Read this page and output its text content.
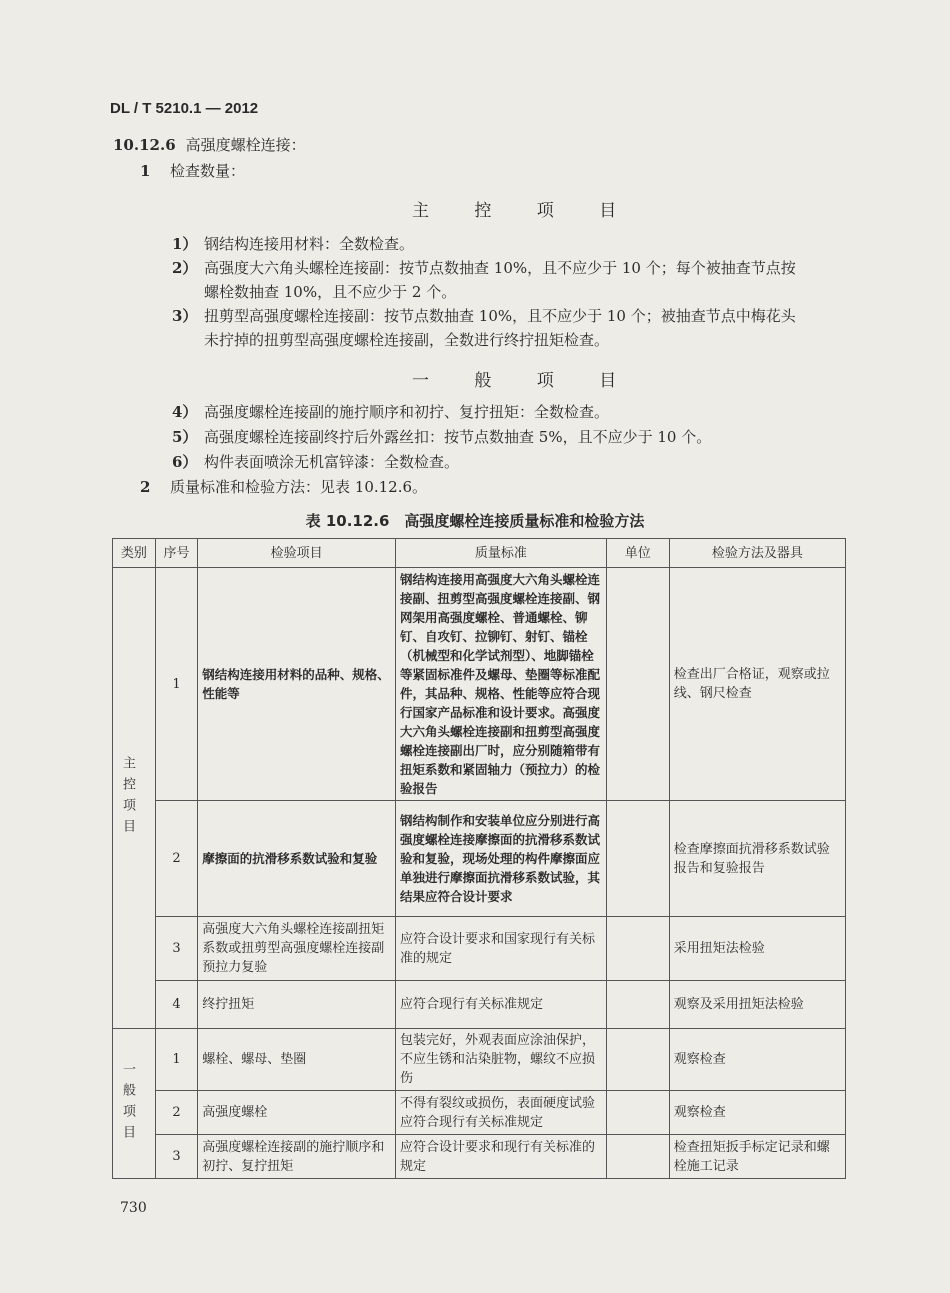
DL / T 5210.1 — 2012
10.12.6 高强度螺栓连接：
1 检查数量：
主 控 项 目
1） 钢结构连接用材料：全数检查。
2） 高强度大六角头螺栓连接副：按节点数抽查 10%，且不应少于 10 个；每个被抽查节点按
螺栓数抽查 10%，且不应少于 2 个。
3） 扭剪型高强度螺栓连接副：按节点数抽查 10%，且不应少于 10 个；被抽查节点中梅花头
未拧掉的扭剪型高强度螺栓连接副，全数进行终拧扭矩检查。
一 般 项 目
4） 高强度螺栓连接副的施拧顺序和初拧、复拧扭矩：全数检查。
5） 高强度螺栓连接副终拧后外露丝扣：按节点数抽查 5%，且不应少于 10 个。
6） 构件表面喷涂无机富锌漆：全数检查。
2 质量标准和检验方法：见表 10.12.6。
表 10.12.6　高强度螺栓连接质量标准和检验方法
类别	序号	检验项目	质量标准	单位	检验方法及器具

主控项目	1	钢结构连接用材料的品种、规格、性能等	钢结构连接用高强度大六角头螺栓连接副、扭剪型高强度螺栓连接副、钢网架用高强度螺栓、普通螺栓、铆钉、自攻钉、拉铆钉、射钉、锚栓（机械型和化学试剂型）、地脚锚栓等紧固标准件及螺母、垫圈等标准配件，其品种、规格、性能等应符合现行国家产品标准和设计要求。高强度大六角头螺栓连接副和扭剪型高强度螺栓连接副出厂时，应分别随箱带有扭矩系数和紧固轴力（预拉力）的检验报告		检查出厂合格证，观察或拉线、钢尺检查
	2	摩擦面的抗滑移系数试验和复验	钢结构制作和安装单位应分别进行高强度螺栓连接摩擦面的抗滑移系数试验和复验，现场处理的构件摩擦面应单独进行摩擦面抗滑移系数试验，其结果应符合设计要求		检查摩擦面抗滑移系数试验报告和复验报告
	3	高强度大六角头螺栓连接副扭矩系数或扭剪型高强度螺栓连接副预拉力复验	应符合设计要求和国家现行有关标准的规定		采用扭矩法检验
	4	终拧扭矩	应符合现行有关标准规定		观察及采用扭矩法检验

一般项目	1	螺栓、螺母、垫圈	包装完好，外观表面应涂油保护，不应生锈和沾染脏物，螺纹不应损伤		观察检查
	2	高强度螺栓	不得有裂纹或损伤，表面硬度试验应符合现行有关标准规定		观察检查
	3	高强度螺栓连接副的施拧顺序和初拧、复拧扭矩	应符合设计要求和现行有关标准的规定		检查扭矩扳手标定记录和螺栓施工记录
730
